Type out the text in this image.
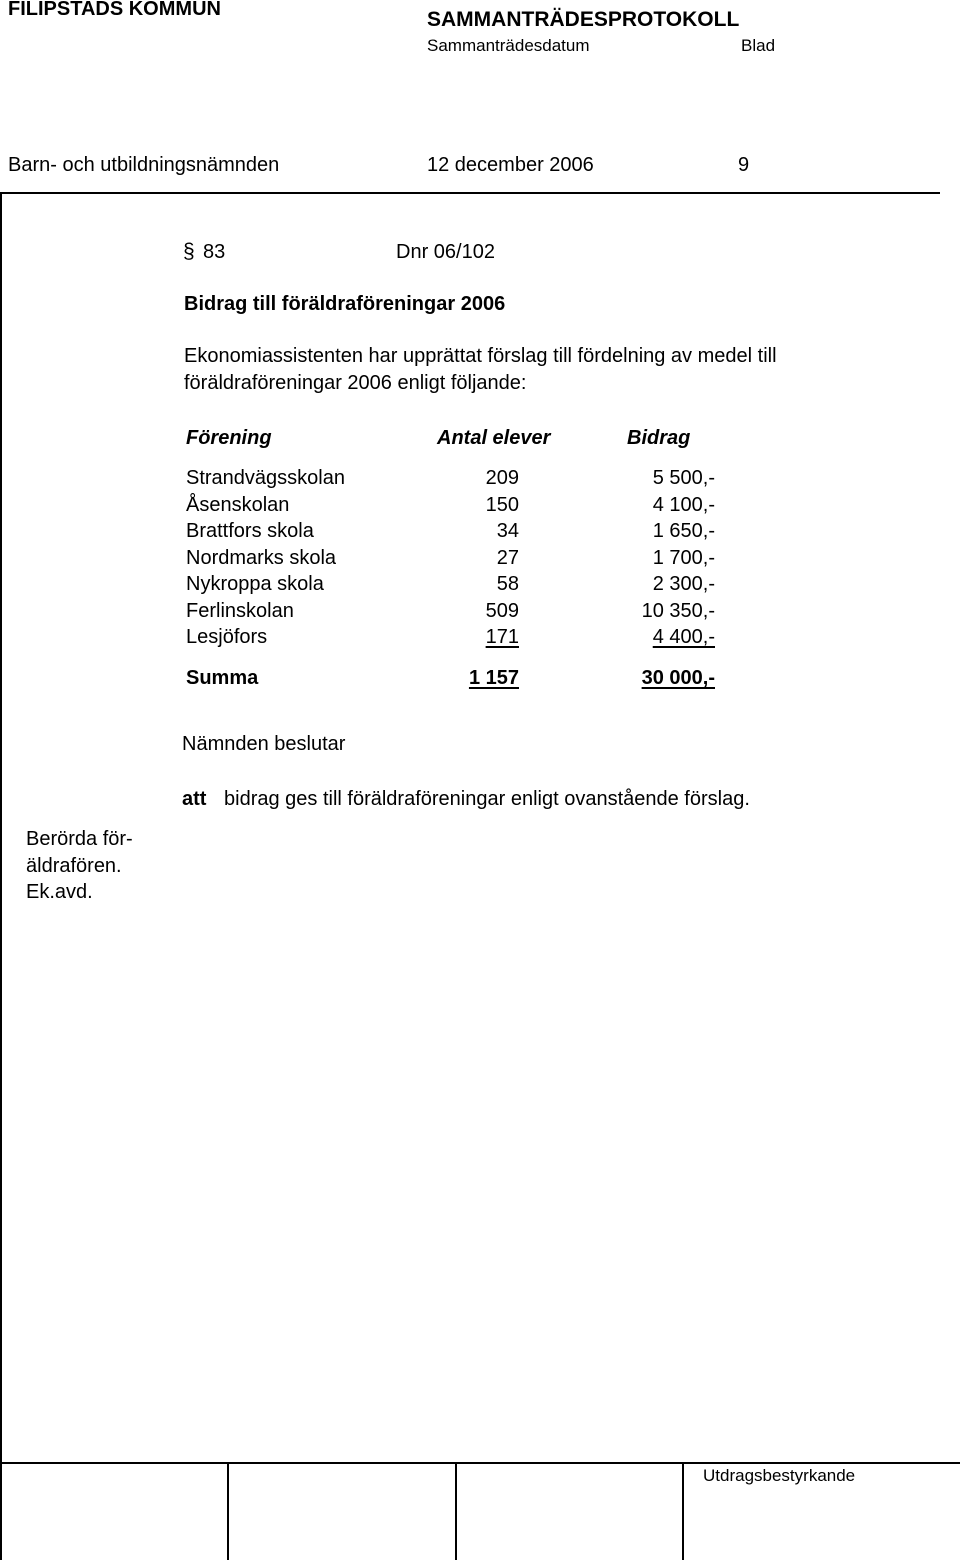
FILIPSTADS KOMMUN	SAMMANTRÄDESPROTOKOLL
Sammanträdesdatum	Blad
Barn- och utbildningsnämnden	12 december 2006	9
§ 83	Dnr 06/102
Bidrag till föräldraföreningar 2006
Ekonomiassistenten har upprättat förslag till fördelning av medel till
föräldraföreningar 2006 enligt följande:
Förening	Antal elever	Bidrag
Strandvägsskolan	209	5 500,-
Åsenskolan	150	4 100,-
Brattfors skola	34	1 650,-
Nordmarks skola	27	1 700,-
Nykroppa skola	58	2 300,-
Ferlinskolan	509	10 350,-
Lesjöfors	171	4 400,-
Summa	1 157	30 000,-
Nämnden beslutar
att bidrag ges till föräldraföreningar enligt ovanstående förslag.
Berörda för-
äldrafören.
Ek.avd.
Utdragsbestyrkande
